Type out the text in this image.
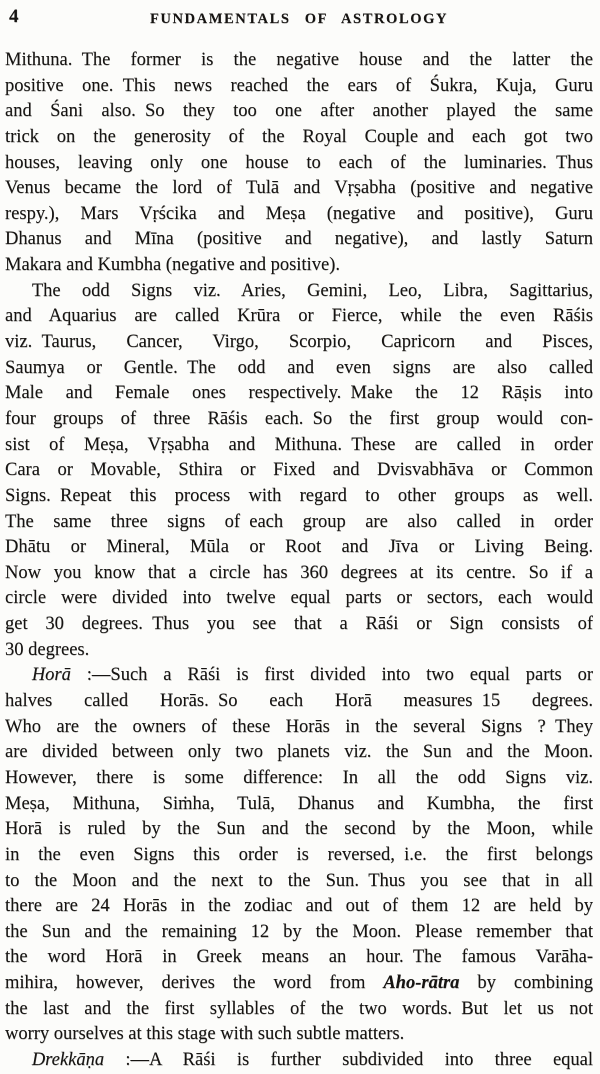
4	FUNDAMENTALS OF ASTROLOGY
Mithuna. The former is the negative house and the latter the
positive one. This news reached the ears of Śukra, Kuja, Guru
and Śani also. So they too one after another played the same
trick on the generosity of the Royal Couple and each got two
houses, leaving only one house to each of the luminaries. Thus
Venus became the lord of Tulā and Vṛṣabha (positive and negative
respy.), Mars Vṛścika and Meṣa (negative and positive), Guru
Dhanus and Mīna (positive and negative), and lastly Saturn
Makara and Kumbha (negative and positive).
The odd Signs viz. Aries, Gemini, Leo, Libra, Sagittarius,
and Aquarius are called Krūra or Fierce, while the even Rāśis
viz. Taurus, Cancer, Virgo, Scorpio, Capricorn and Pisces,
Saumya or Gentle. The odd and even signs are also called
Male and Female ones respectively. Make the 12 Rāṣis into
four groups of three Rāśis each. So the first group would con-
sist of Meṣa, Vṛṣabha and Mithuna. These are called in order
Cara or Movable, Sthira or Fixed and Dvisvabhāva or Common
Signs. Repeat this process with regard to other groups as well.
The same three signs of each group are also called in order
Dhātu or Mineral, Mūla or Root and Jīva or Living Being.
Now you know that a circle has 360 degrees at its centre. So if a
circle were divided into twelve equal parts or sectors, each would
get 30 degrees. Thus you see that a Rāśi or Sign consists of
30 degrees.
Horā :—Such a Rāśi is first divided into two equal parts or
halves called Horās. So each Horā measures 15 degrees.
Who are the owners of these Horās in the several Signs ? They
are divided between only two planets viz. the Sun and the Moon.
However, there is some difference: In all the odd Signs viz.
Meṣa, Mithuna, Siṁha, Tulā, Dhanus and Kumbha, the first
Horā is ruled by the Sun and the second by the Moon, while
in the even Signs this order is reversed, i.e. the first belongs
to the Moon and the next to the Sun. Thus you see that in all
there are 24 Horās in the zodiac and out of them 12 are held by
the Sun and the remaining 12 by the Moon. Please remember that
the word Horā in Greek means an hour. The famous Varāha-
mihira, however, derives the word from Aho-rātra by combining
the last and the first syllables of the two words. But let us not
worry ourselves at this stage with such subtle matters.
Drekkāṇa :—A Rāśi is further subdivided into three equal
